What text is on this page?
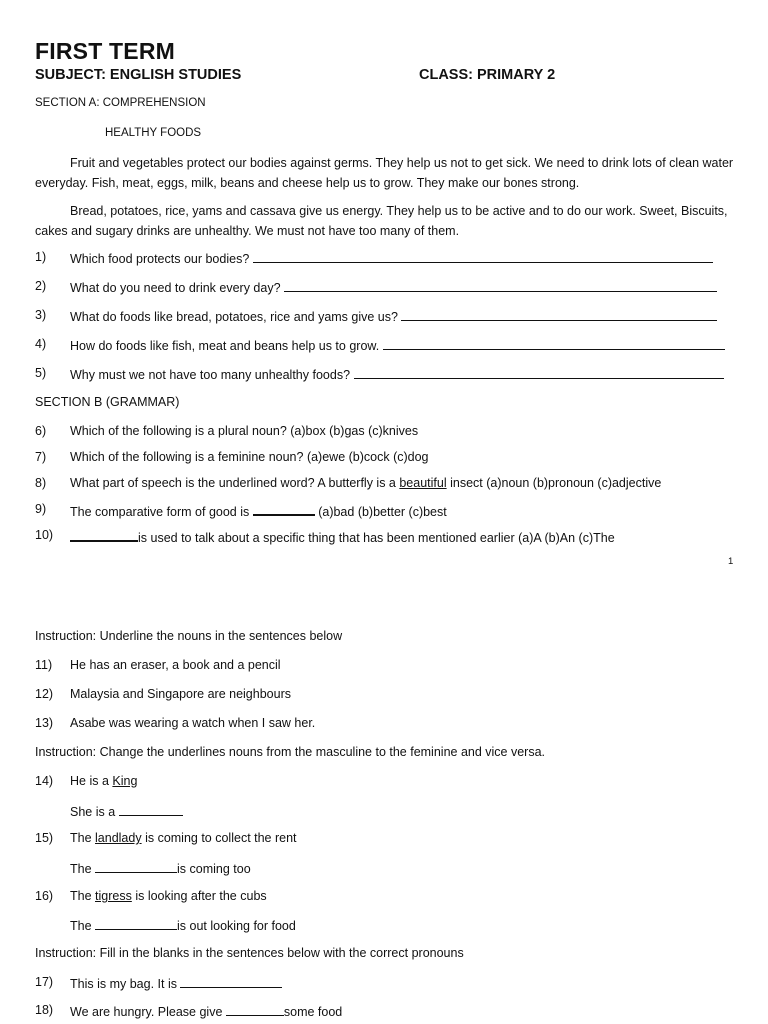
FIRST TERM
SUBJECT: ENGLISH STUDIES	CLASS: PRIMARY 2
SECTION A: COMPREHENSION
HEALTHY FOODS
Fruit and vegetables protect our bodies against germs. They help us not to get sick. We need to drink lots of clean water everyday. Fish, meat, eggs, milk, beans and cheese help us to grow. They make our bones strong.
Bread, potatoes, rice, yams and cassava give us energy. They help us to be active and to do our work. Sweet, Biscuits, cakes and sugary drinks are unhealthy. We must not have too many of them.
1) Which food protects our bodies?
2) What do you need to drink every day?
3) What do foods like bread, potatoes, rice and yams give us?
4) How do foods like fish, meat and beans help us to grow.
5) Why must we not have too many unhealthy foods?
SECTION B (GRAMMAR)
6) Which of the following is a plural noun? (a)box (b)gas (c)knives
7) Which of the following is a feminine noun? (a)ewe (b)cock (c)dog
8) What part of speech is the underlined word? A butterfly is a beautiful insect (a)noun (b)pronoun (c)adjective
9) The comparative form of good is	(a)bad (b)better (c)best
10)	is used to talk about a specific thing that has been mentioned earlier (a)A (b)An (c)The
1
Instruction: Underline the nouns in the sentences below
11) He has an eraser, a book and a pencil
12) Malaysia and Singapore are neighbours
13) Asabe was wearing a watch when I saw her.
Instruction: Change the underlines nouns from the masculine to the feminine and vice versa.
14) He is a King
She is a
15) The landlady is coming to collect the rent
The	is coming too
16) The tigress is looking after the cubs
The	is out looking for food
Instruction: Fill in the blanks in the sentences below with the correct pronouns
17) This is my bag. It is
18) We are hungry. Please give	some food
